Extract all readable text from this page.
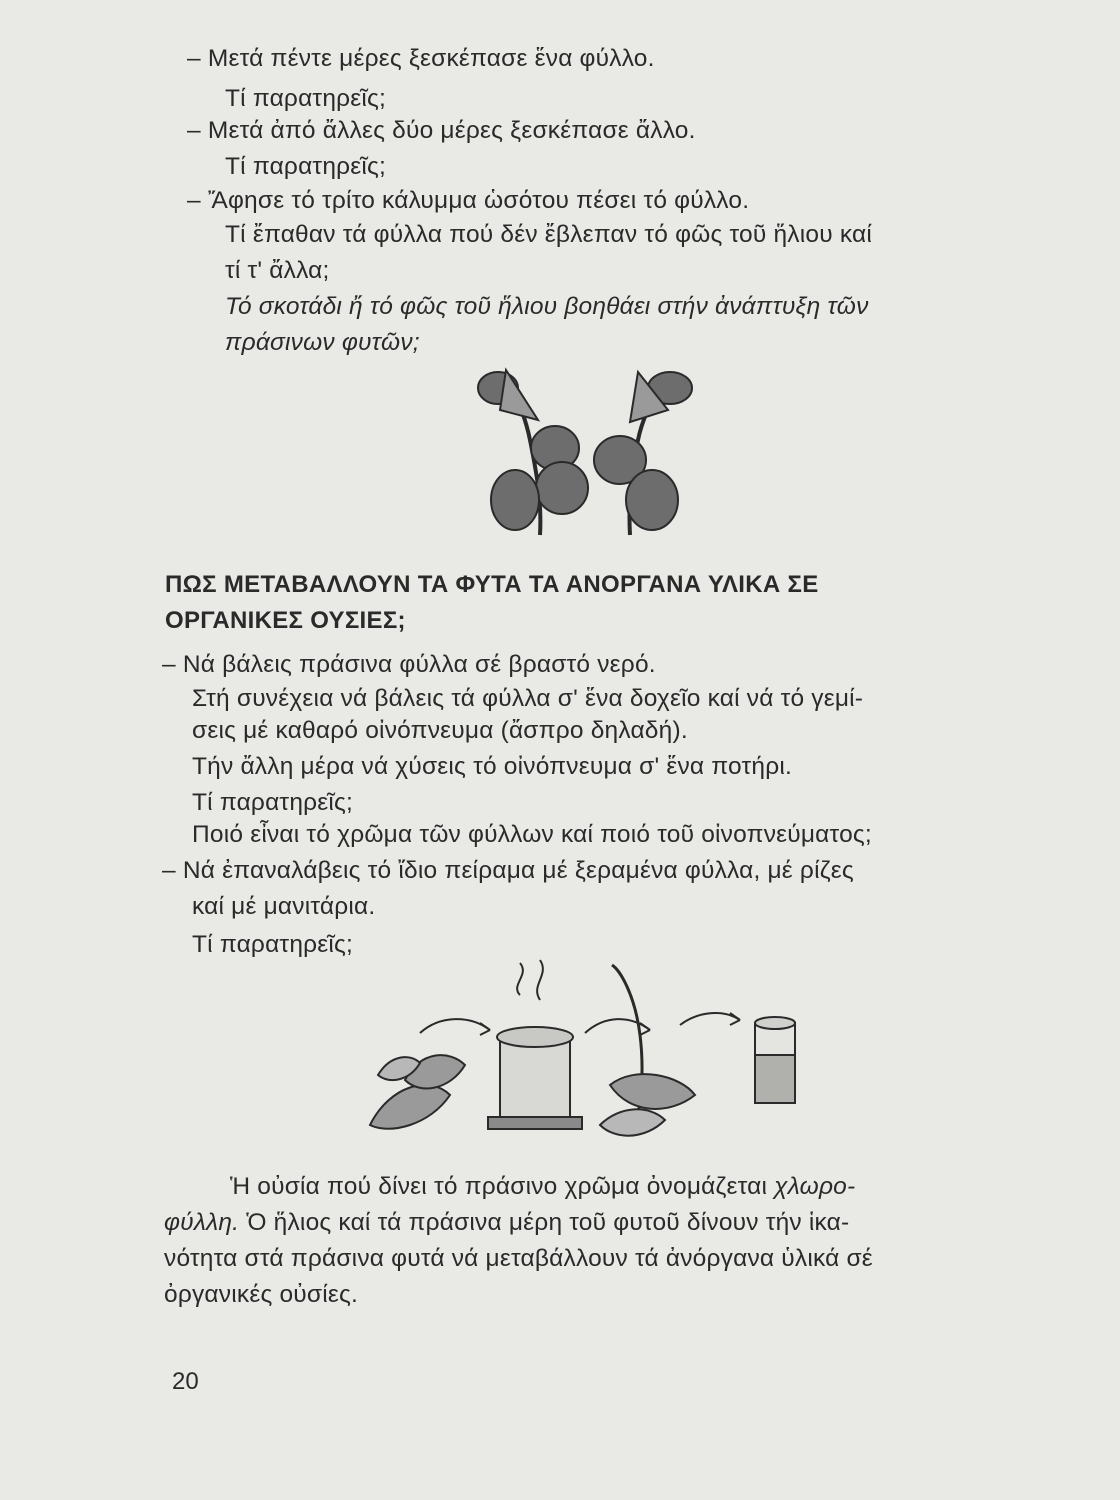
– Μετά πέντε μέρες ξεσκέπασε ἕνα φύλλο.
Τί παρατηρεῖς;
– Μετά ἀπό ἄλλες δύο μέρες ξεσκέπασε ἄλλο.
Τί παρατηρεῖς;
– Ἄφησε τό τρίτο κάλυμμα ὡσότου πέσει τό φύλλο.
Τί ἔπαθαν τά φύλλα πού δέν ἔβλεπαν τό φῶς τοῦ ἥλιου καί
τί τ' ἄλλα;
Τό σκοτάδι ἤ τό φῶς τοῦ ἥλιου βοηθάει στήν ἀνάπτυξη τῶν
πράσινων φυτῶν;
ΠΩΣ ΜΕΤΑΒΑΛΛΟΥΝ ΤΑ ΦΥΤΑ ΤΑ ΑΝΟΡΓΑΝΑ ΥΛΙΚΑ ΣΕ
ΟΡΓΑΝΙΚΕΣ ΟΥΣΙΕΣ;
– Νά βάλεις πράσινα φύλλα σέ βραστό νερό.
Στή συνέχεια νά βάλεις τά φύλλα σ' ἕνα δοχεῖο καί νά τό γεμί-
σεις μέ καθαρό οἰνόπνευμα (ἄσπρο δηλαδή).
Τήν ἄλλη μέρα νά χύσεις τό οἰνόπνευμα σ' ἕνα ποτήρι.
Τί παρατηρεῖς;
Ποιό εἶναι τό χρῶμα τῶν φύλλων καί ποιό τοῦ οἰνοπνεύματος;
– Νά ἐπαναλάβεις τό ἴδιο πείραμα μέ ξεραμένα φύλλα, μέ ρίζες
καί μέ μανιτάρια.
Τί παρατηρεῖς;
Ἡ οὐσία πού δίνει τό πράσινο χρῶμα ὀνομάζεται χλωρο-
φύλλη. Ὁ ἥλιος καί τά πράσινα μέρη τοῦ φυτοῦ δίνουν τήν ἱκα-
νότητα στά πράσινα φυτά νά μεταβάλλουν τά ἀνόργανα ὑλικά σέ
ὀργανικές οὐσίες.
20
